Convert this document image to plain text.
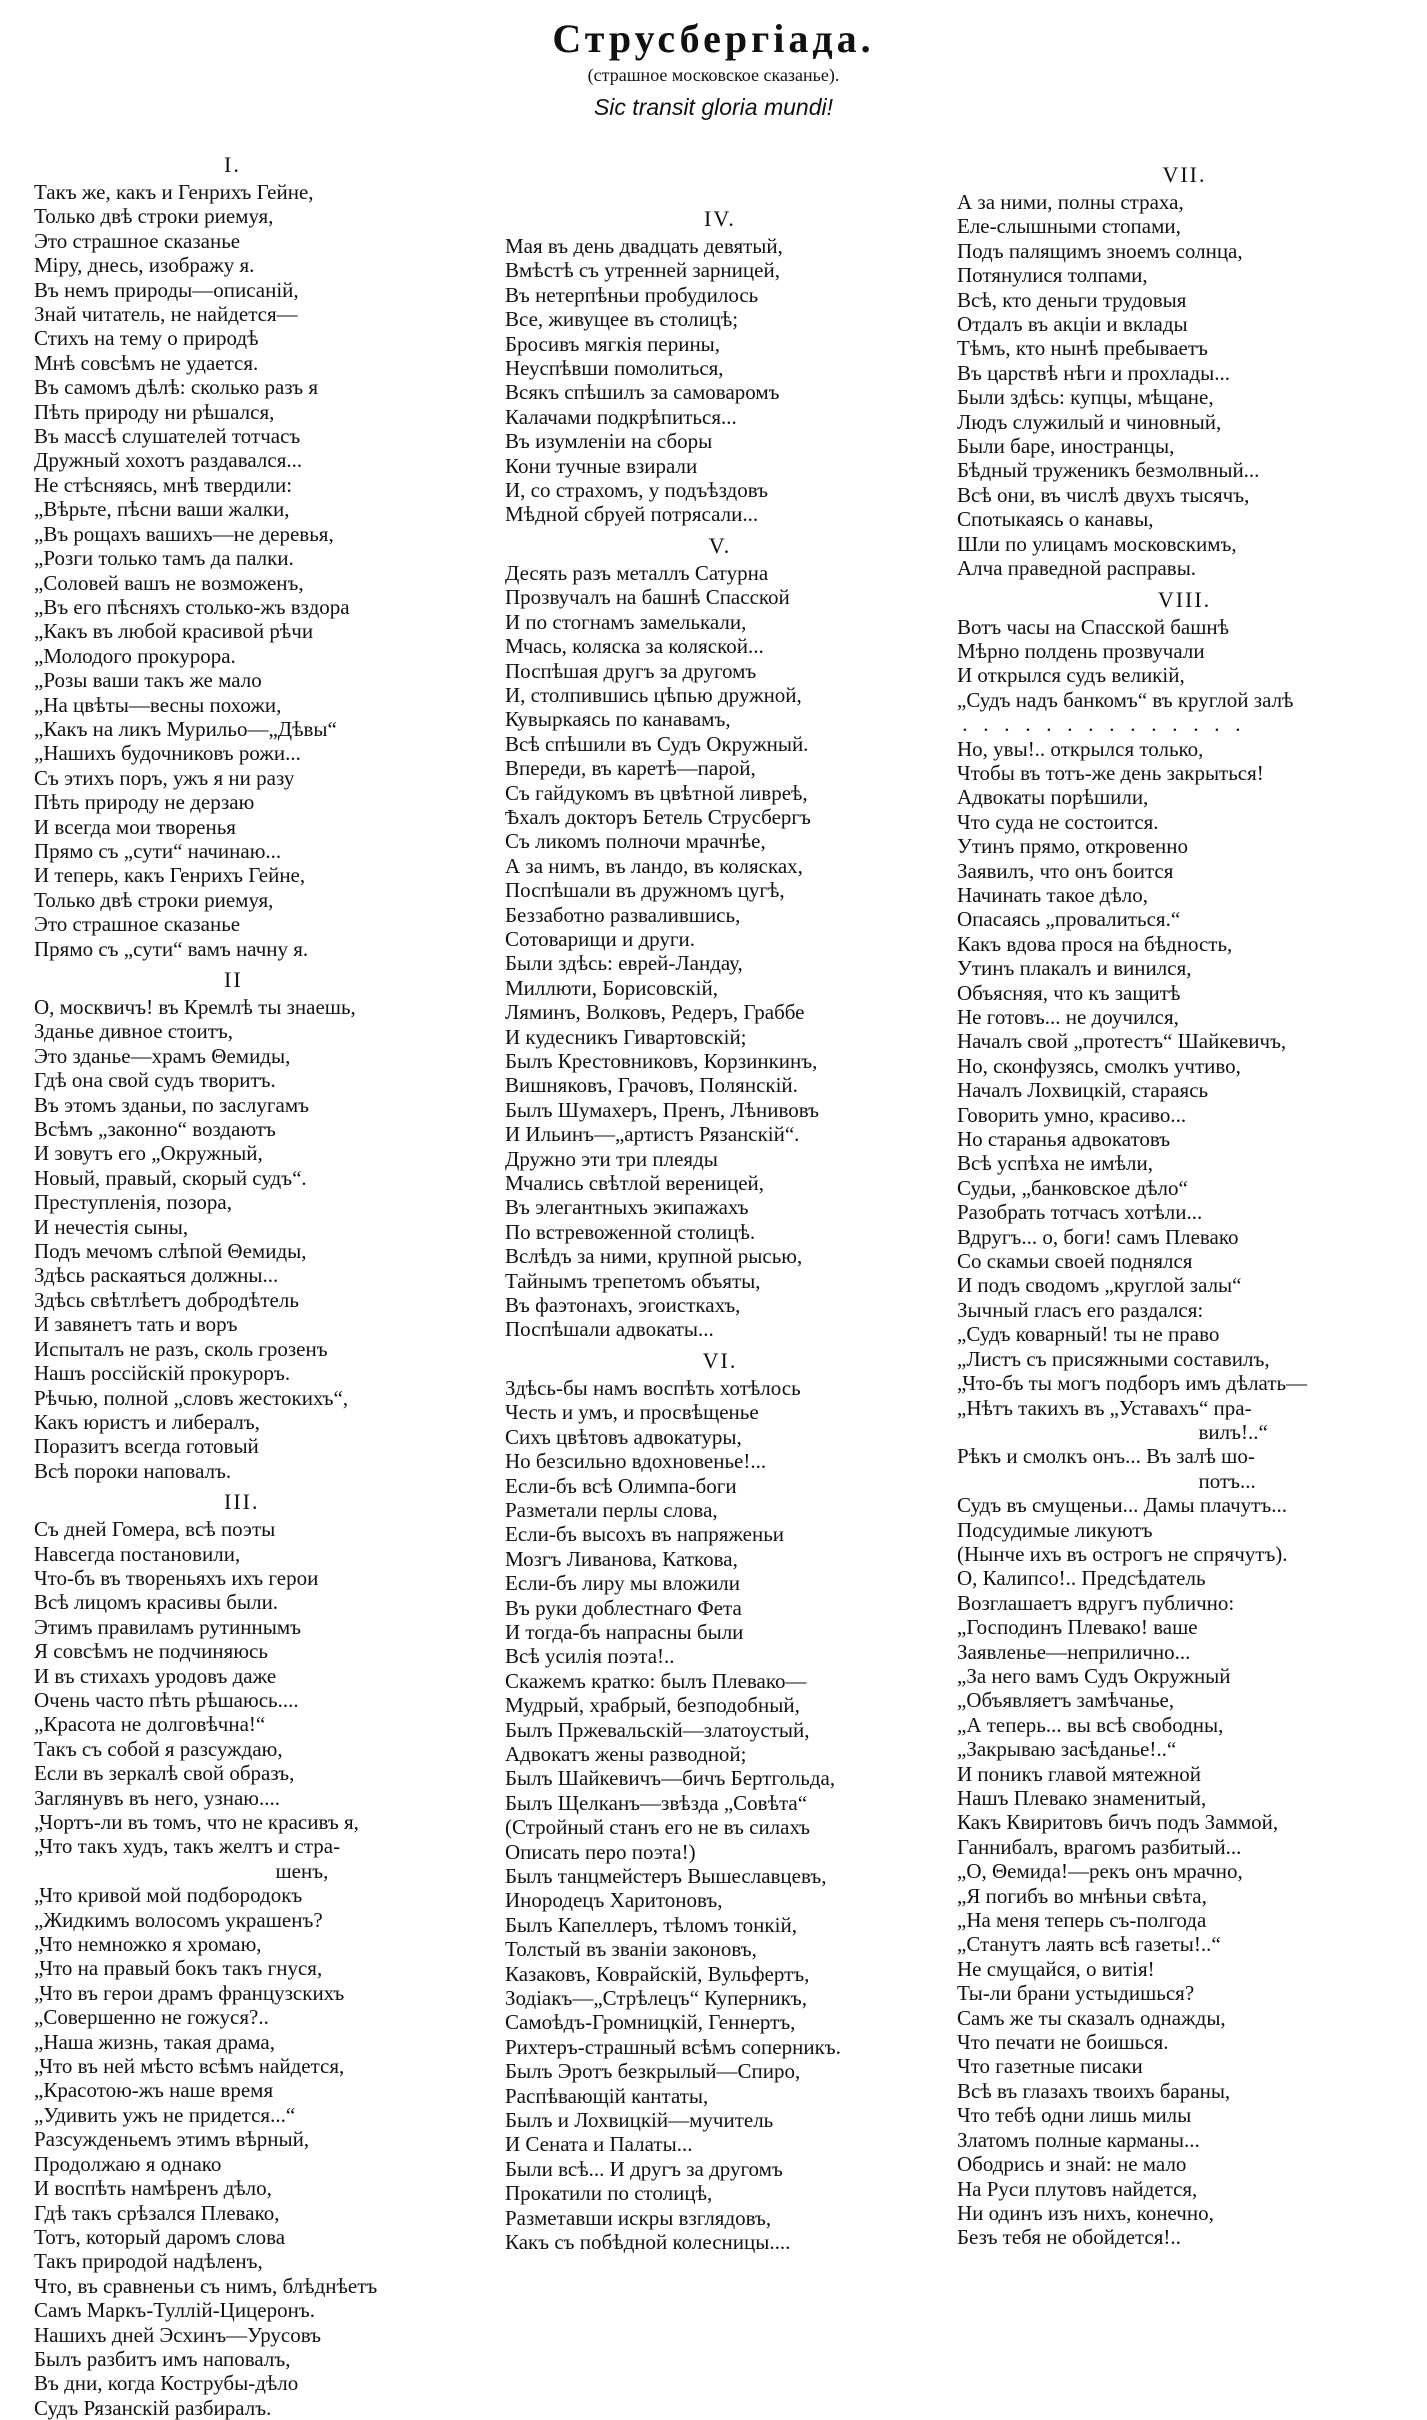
Струсбергіада.
(страшное московское сказанье).
Sic transit gloria mundi!
I.
Такъ же, какъ и Генрихъ Гейне,
Только двѣ строки риемуя,
Это страшное сказанье
Міру, днесь, изображу я.
Въ немъ природы—описаній,
Знай читатель, не найдется—
Стихъ на тему о природѣ
Мнѣ совсѣмъ не удается.
Въ самомъ дѣлѣ: сколько разъ я
Пѣть природу ни рѣшался,
Въ массѣ слушателей тотчасъ
Дружный хохотъ раздавался...
Не стѣсняясь, мнѣ твердили:
„Вѣрьте, пѣсни ваши жалки,
„Въ рощахъ вашихъ—не деревья,
„Розги только тамъ да палки.
„Соловей вашъ не возможенъ,
„Въ его пѣсняхъ столько-жъ вздора
„Какъ въ любой красивой рѣчи
„Молодого прокурора.
„Розы ваши такъ же мало
„На цвѣты—весны похожи,
„Какъ на ликъ Мурильо—„Дѣвы“
„Нашихъ будочниковъ рожи...
Съ этихъ поръ, ужъ я ни разу
Пѣть природу не дерзаю
И всегда мои творенья
Прямо съ „сути“ начинаю...
И теперь, какъ Генрихъ Гейне,
Только двѣ строки риемуя,
Это страшное сказанье
Прямо съ „сути“ вамъ начну я.
II
О, москвичъ! въ Кремлѣ ты знаешь,
Зданье дивное стоитъ,
Это зданье—храмъ Θемиды,
Гдѣ она свой судъ творитъ.
Въ этомъ зданьи, по заслугамъ
Всѣмъ „законно“ воздаютъ
И зовутъ его „Окружный,
Новый, правый, скорый судъ“.
Преступленія, позора,
И нечестія сыны,
Подъ мечомъ слѣпой Θемиды,
Здѣсь раскаяться должны...
Здѣсь свѣтлѣетъ добродѣтель
И завянетъ тать и воръ
Испыталъ не разъ, сколь грозенъ
Нашъ россійскій прокуроръ.
Рѣчью, полной „словъ жестокихъ“,
Какъ юристъ и либералъ,
Поразитъ всегда готовый
Всѣ пороки наповалъ.
III.
Съ дней Гомера, всѣ поэты
Навсегда постановили,
Что-бъ въ твореньяхъ ихъ герои
Всѣ лицомъ красивы были.
Этимъ правиламъ рутиннымъ
Я совсѣмъ не подчиняюсь
И въ стихахъ уродовъ даже
Очень часто пѣть рѣшаюсь....
„Красота не долговѣчна!“
Такъ съ собой я разсуждаю,
Если въ зеркалѣ свой образъ,
Заглянувъ въ него, узнаю....
„Чортъ-ли въ томъ, что не красивъ я,
„Что такъ худъ, такъ желтъ и стра-
шенъ,
„Что кривой мой подбородокъ
„Жидкимъ волосомъ украшенъ?
„Что немножко я хромаю,
„Что на правый бокъ такъ гнуся,
„Что въ герои драмъ французскихъ
„Совершенно не гожуся?..
„Наша жизнь, такая драма,
„Что въ ней мѣсто всѣмъ найдется,
„Красотою-жъ наше время
„Удивить ужъ не придется...“
Разсужденьемъ этимъ вѣрный,
Продолжаю я однако
И воспѣть намѣренъ дѣло,
Гдѣ такъ срѣзался Плевако,
Тотъ, который даромъ слова
Такъ природой надѣленъ,
Что, въ сравненьи съ нимъ, блѣднѣетъ
Самъ Маркъ-Туллій-Цицеронъ.
Нашихъ дней Эсхинъ—Урусовъ
Былъ разбитъ имъ наповалъ,
Въ дни, когда Кострубы-дѣло
Судъ Рязанскій разбиралъ.
IV.
Мая въ день двадцать девятый,
Вмѣстѣ съ утренней зарницей,
Въ нетерпѣньи пробудилось
Все, живущее въ столицѣ;
Бросивъ мягкія перины,
Неуспѣвши помолиться,
Всякъ спѣшилъ за самоваромъ
Калачами подкрѣпиться...
Въ изумленіи на сборы
Кони тучные взирали
И, со страхомъ, у подъѣздовъ
Мѣдной сбруей потрясали...
V.
Десять разъ металлъ Сатурна
Прозвучалъ на башнѣ Спасской
И по стогнамъ замелькали,
Мчась, коляска за коляской...
Поспѣшая другъ за другомъ
И, столпившись цѣпью дружной,
Кувыркаясь по канавамъ,
Всѣ спѣшили въ Судъ Окружный.
Впереди, въ каретѣ—парой,
Съ гайдукомъ въ цвѣтной ливреѣ,
Ѣхалъ докторъ Бетель Струсбергъ
Съ ликомъ полночи мрачнѣе,
А за нимъ, въ ландо, въ колясках,
Поспѣшали въ дружномъ цугѣ,
Беззаботно развалившись,
Сотоварищи и други.
Были здѣсь: еврей-Ландау,
Миллюти, Борисовскій,
Ляминъ, Волковъ, Редеръ, Граббе
И кудесникъ Гивартовскій;
Былъ Крестовниковъ, Корзинкинъ,
Вишняковъ, Грачовъ, Полянскій.
Былъ Шумахеръ, Пренъ, Лѣнивовъ
И Ильинъ—„артистъ Рязанскій“.
Дружно эти три плеяды
Мчались свѣтлой вереницей,
Въ элегантныхъ экипажахъ
По встревоженной столицѣ.
Вслѣдъ за ними, крупной рысью,
Тайнымъ трепетомъ объяты,
Въ фаэтонахъ, эгоисткахъ,
Поспѣшали адвокаты...
VI.
Здѣсь-бы намъ воспѣть хотѣлось
Честь и умъ, и просвѣщенье
Сихъ цвѣтовъ адвокатуры,
Но безсильно вдохновенье!...
Если-бъ всѣ Олимпа-боги
Разметали перлы слова,
Если-бъ высохъ въ напряженьи
Мозгъ Ливанова, Каткова,
Если-бъ лиру мы вложили
Въ руки доблестнаго Фета
И тогда-бъ напрасны были
Всѣ усилія поэта!..
Скажемъ кратко: былъ Плевако—
Мудрый, храбрый, безподобный,
Былъ Пржевальскій—златоустый,
Адвокатъ жены разводной;
Былъ Шайкевичъ—бичъ Бертгольда,
Былъ Щелканъ—звѣзда „Совѣта“
(Стройный станъ его не въ силахъ
Описать перо поэта!)
Былъ танцмейстеръ Вышеславцевъ,
Инородецъ Харитоновъ,
Былъ Капеллеръ, тѣломъ тонкій,
Толстый въ званіи законовъ,
Казаковъ, Коврайскій, Вульфертъ,
Зодіакъ—„Стрѣлецъ“ Куперникъ,
Самоѣдъ-Громницкій, Геннертъ,
Рихтеръ-страшный всѣмъ соперникъ.
Былъ Эротъ безкрылый—Спиро,
Распѣвающій кантаты,
Былъ и Лохвицкій—мучитель
И Сената и Палаты...
Были всѣ... И другъ за другомъ
Прокатили по столицѣ,
Разметавши искры взглядовъ,
Какъ съ побѣдной колесницы....
VII.
А за ними, полны страха,
Еле-слышными стопами,
Подъ палящимъ зноемъ солнца,
Потянулися толпами,
Всѣ, кто деньги трудовыя
Отдалъ въ акціи и вклады
Тѣмъ, кто нынѣ пребываетъ
Въ царствѣ нѣги и прохлады...
Были здѣсь: купцы, мѣщане,
Людъ служилый и чиновный,
Были баре, иностранцы,
Бѣдный труженикъ безмолвный...
Всѣ они, въ числѣ двухъ тысячъ,
Спотыкаясь о канавы,
Шли по улицамъ московскимъ,
Алча праведной расправы.
VIII.
Вотъ часы на Спасской башнѣ
Мѣрно полдень прозвучали
И открылся судъ великій,
„Судъ надъ банкомъ“ въ круглой залѣ
.   .   .   .   .   .   .   .   .   .   .   .   .   .
Но, увы!.. открылся только,
Чтобы въ тотъ-же день закрыться!
Адвокаты порѣшили,
Что суда не состоится.
Утинъ прямо, откровенно
Заявилъ, что онъ боится
Начинать такое дѣло,
Опасаясь „провалиться.“
Какъ вдова прося на бѣдность,
Утинъ плакалъ и винился,
Объясняя, что къ защитѣ
Не готовъ... не доучился,
Началъ свой „протестъ“ Шайкевичъ,
Но, сконфузясь, смолкъ учтиво,
Началъ Лохвицкій, стараясь
Говорить умно, красиво...
Но старанья адвокатовъ
Всѣ успѣха не имѣли,
Судьи, „банковское дѣло“
Разобрать тотчасъ хотѣли...
Вдругъ... о, боги! самъ Плевако
Со скамьи своей поднялся
И подъ сводомъ „круглой залы“
Зычный гласъ его раздался:
„Судъ коварный! ты не право
„Листъ съ присяжными составилъ,
„Что-бъ ты могъ подборъ имъ дѣлать—
„Нѣтъ такихъ въ „Уставахъ“ пра-
вилъ!..“
Рѣкъ и смолкъ онъ... Въ залѣ шо-
потъ...
Судъ въ смущеньи... Дамы плачутъ...
Подсудимые ликуютъ
(Нынче ихъ въ острогъ не спрячутъ).
О, Калипсо!.. Предсѣдатель
Возглашаетъ вдругъ публично:
„Господинъ Плевако! ваше
Заявленье—неприлично...
„За него вамъ Судъ Окружный
„Объявляетъ замѣчанье,
„А теперь... вы всѣ свободны,
„Закрываю засѣданье!..“
И поникъ главой мятежной
Нашъ Плевако знаменитый,
Какъ Квиритовъ бичъ подъ Заммой,
Ганнибалъ, врагомъ разбитый...
„О, Θемида!—рекъ онъ мрачно,
„Я погибъ во мнѣньи свѣта,
„На меня теперь съ-полгода
„Станутъ лаять всѣ газеты!..“
Не смущайся, о витія!
Ты-ли брани устыдишься?
Самъ же ты сказалъ однажды,
Что печати не боишься.
Что газетные писаки
Всѣ въ глазахъ твоихъ бараны,
Что тебѣ одни лишь милы
Златомъ полные карманы...
Ободрись и знай: не мало
На Руси плутовъ найдется,
Ни одинъ изъ нихъ, конечно,
Безъ тебя не обойдется!..
